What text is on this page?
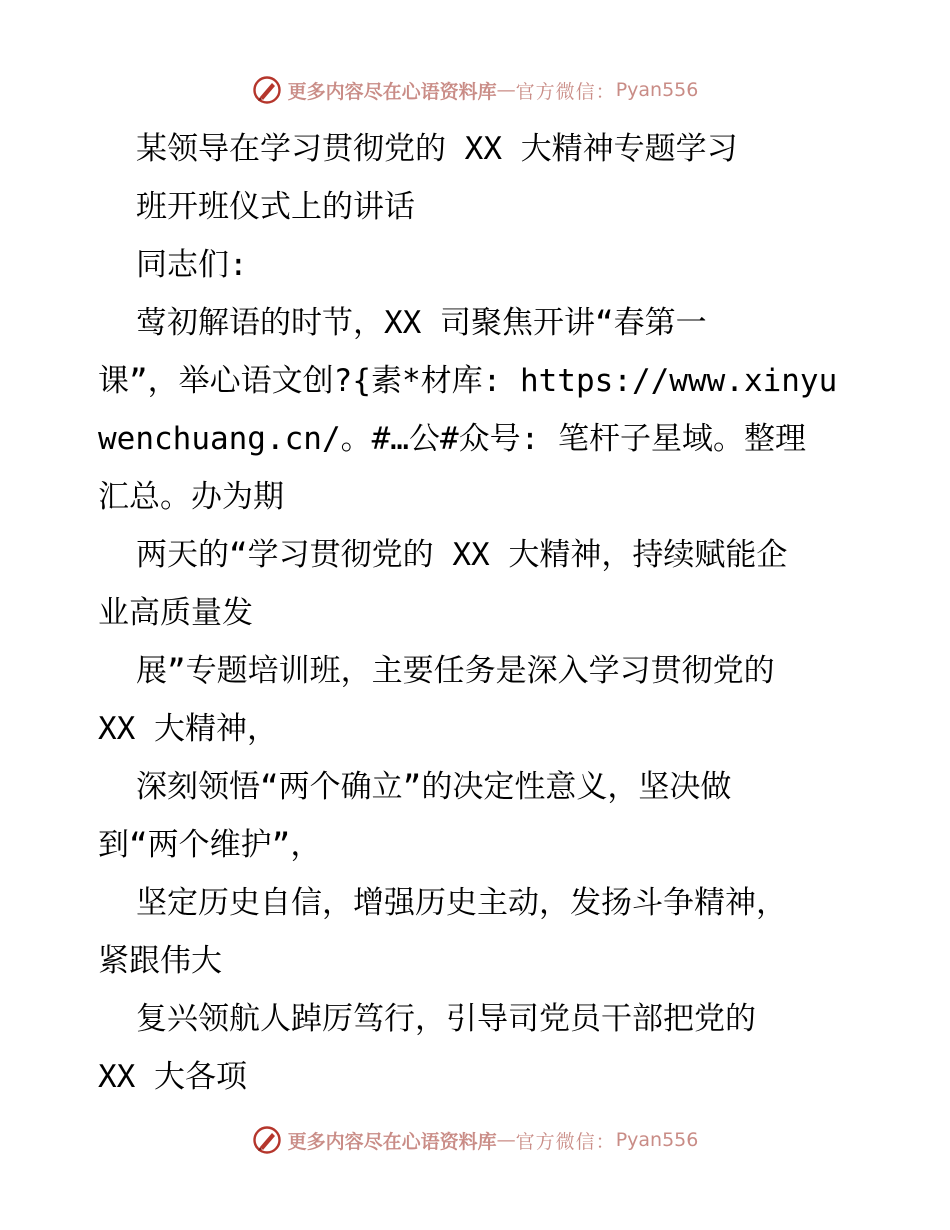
更多内容尽在心语资料库 — 官方微信： Pyan556
某领导在学习贯彻党的 XX 大精神专题学习
班开班仪式上的讲话
同志们:
莺初解语的时节，XX 司聚焦开讲“春第一
课”，举心语文创?{素*材库: https://www.xinyu
wenchuang.cn/。#…公#众号: 笔杆子星域。整理
汇总。办为期
两天的“学习贯彻党的 XX 大精神，持续赋能企
业高质量发
展”专题培训班，主要任务是深入学习贯彻党的
XX 大精神，
深刻领悟“两个确立”的决定性意义，坚决做
到“两个维护”，
坚定历史自信，增强历史主动，发扬斗争精神，
紧跟伟大
复兴领航人踔厉笃行，引导司党员干部把党的
XX 大各项
更多内容尽在心语资料库 — 官方微信： Pyan556
